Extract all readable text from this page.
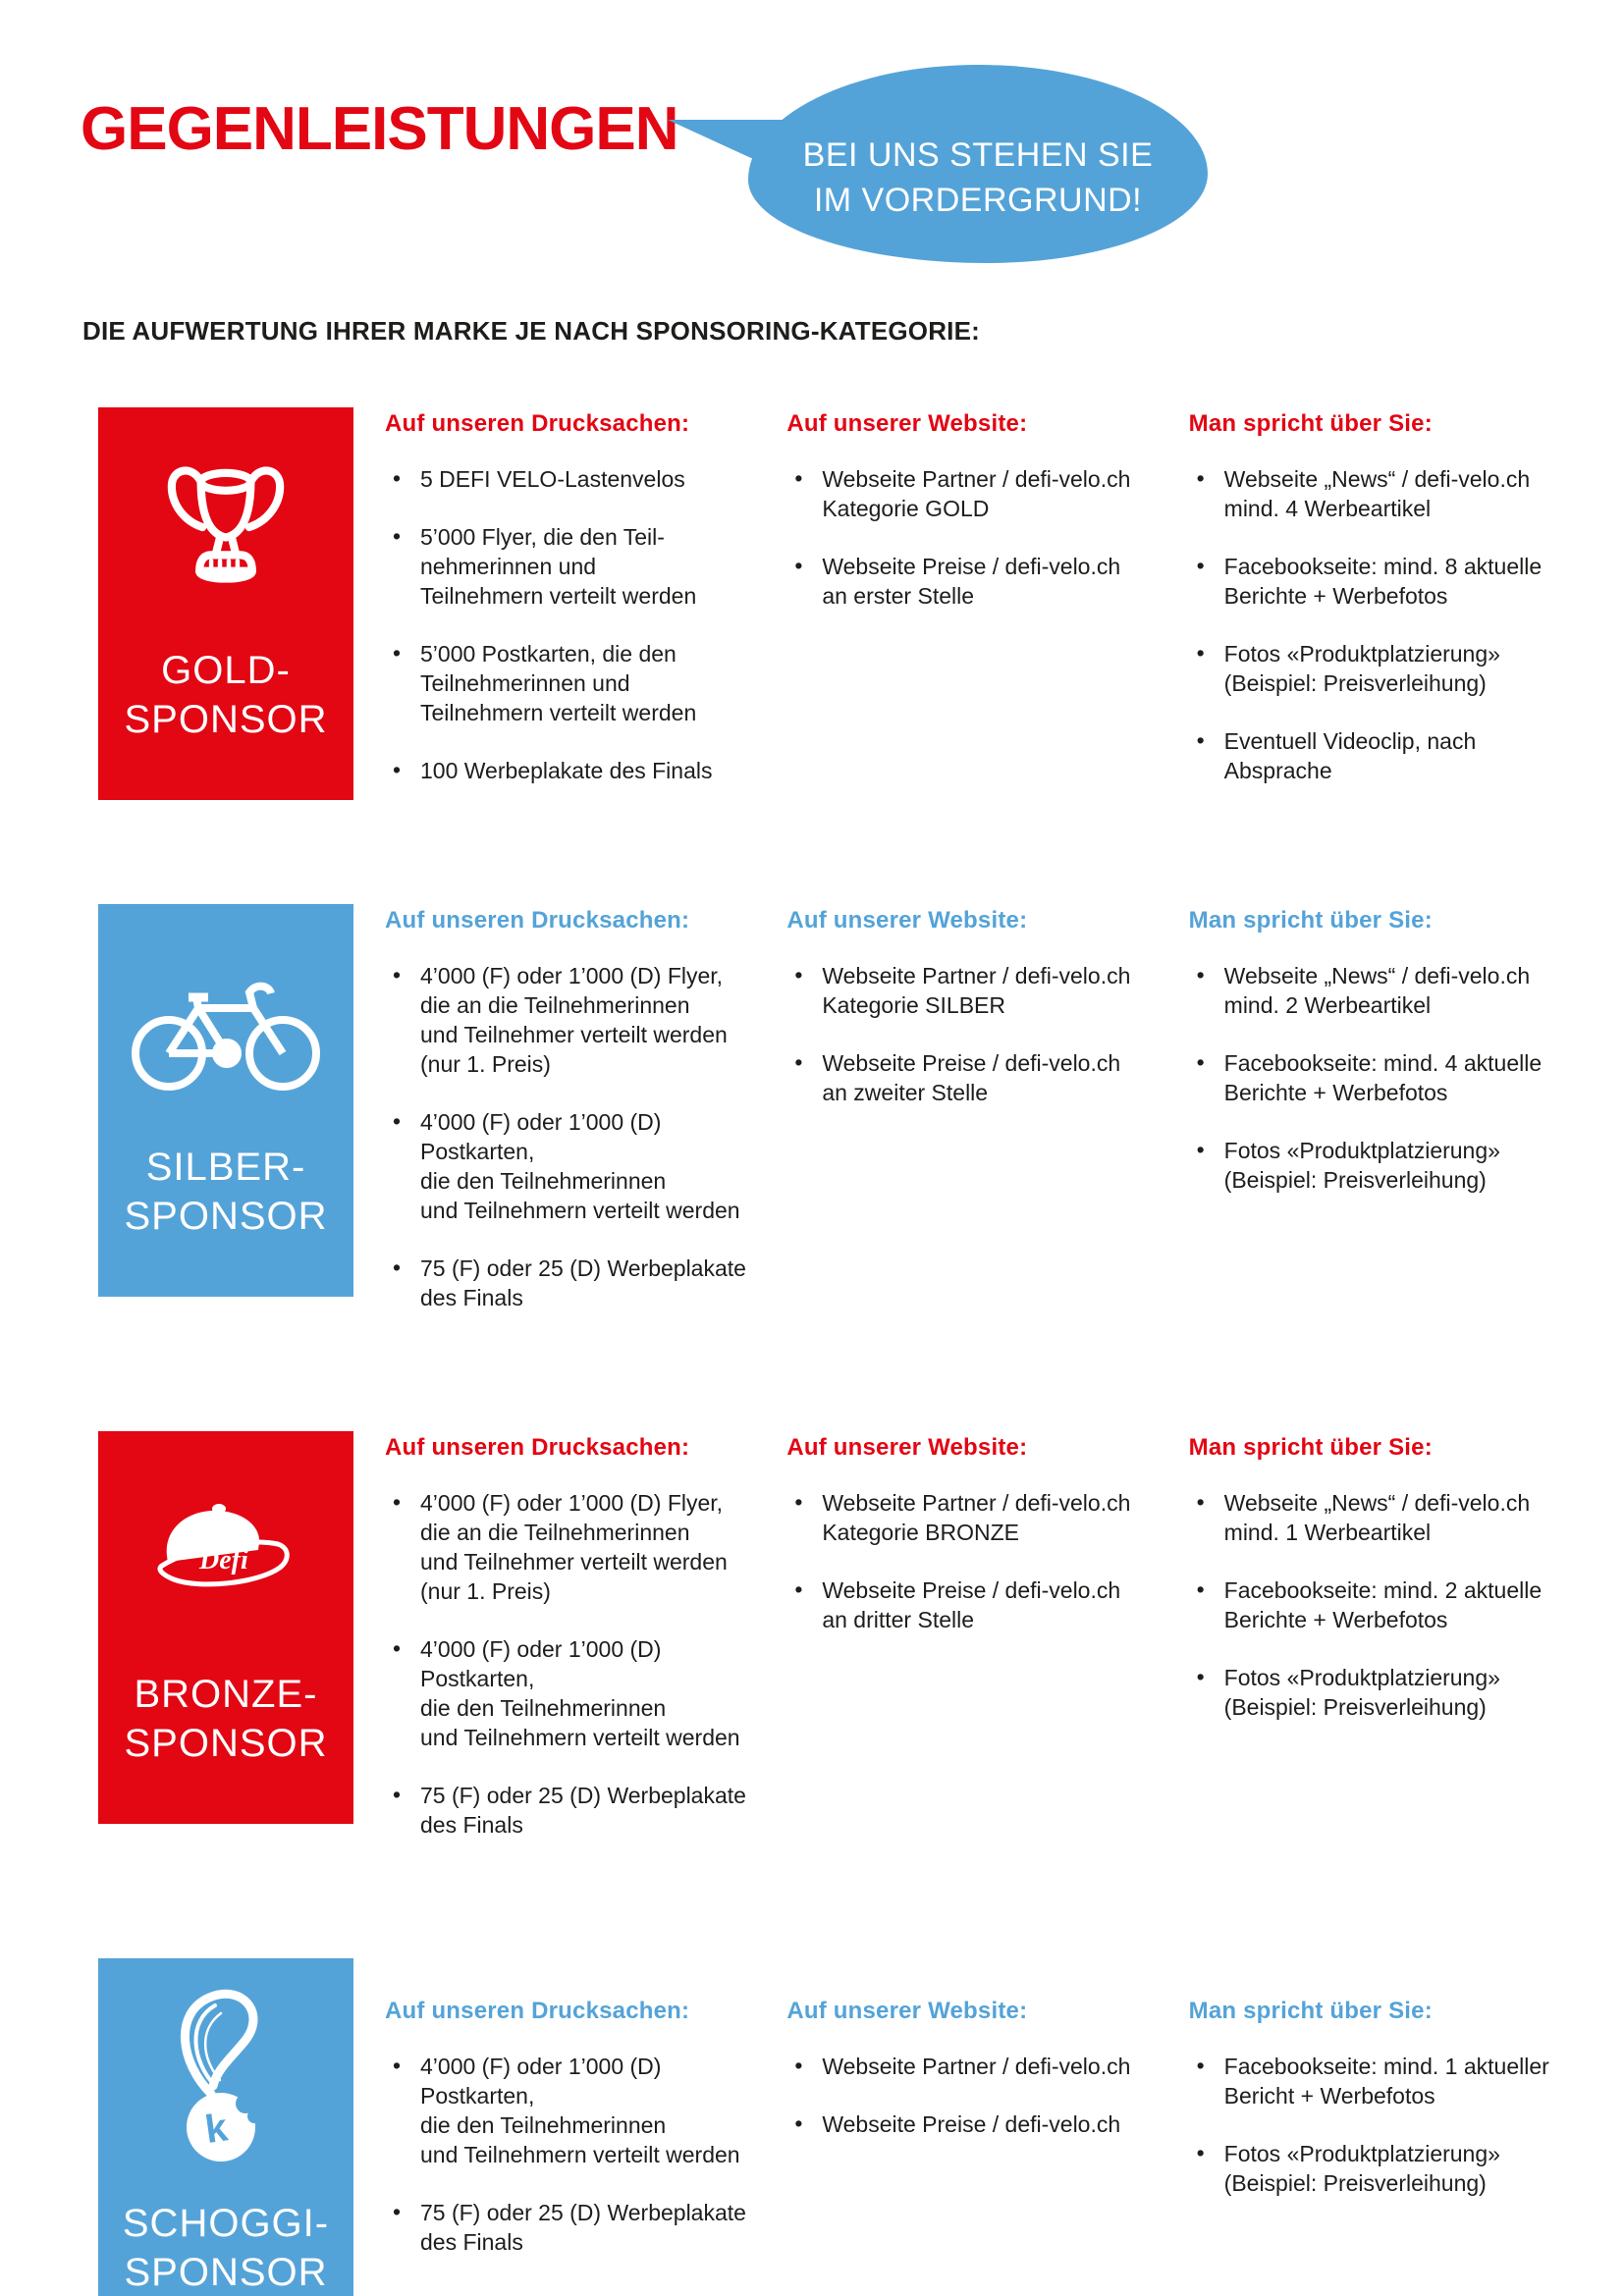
GEGENLEISTUNGEN	BEI UNS STEHEN SIE
IM VORDERGRUND!
DIE AUFWERTUNG IHRER MARKE JE NACH SPONSORING-KATEGORIE:
GOLD-
SPONSOR
Auf unseren Drucksachen:
• 5 DEFI VELO-Lastenvelos
• 5’000 Flyer, die den Teil-
nehmerinnen und
Teilnehmern verteilt werden
• 5’000 Postkarten, die den
Teilnehmerinnen und
Teilnehmern verteilt werden
• 100 Werbeplakate des Finals
Auf unserer Website:
• Webseite Partner / defi-velo.ch
Kategorie GOLD
• Webseite Preise / defi-velo.ch
an erster Stelle
Man spricht über Sie:
• Webseite „News“ / defi-velo.ch
mind. 4 Werbeartikel
• Facebookseite: mind. 8 aktuelle
Berichte + Werbefotos
• Fotos «Produktplatzierung»
(Beispiel: Preisverleihung)
• Eventuell Videoclip, nach
Absprache
SILBER-
SPONSOR
Auf unseren Drucksachen:
• 4’000 (F) oder 1’000 (D) Flyer,
die an die Teilnehmerinnen
und Teilnehmer verteilt werden
(nur 1. Preis)
• 4’000 (F) oder 1’000 (D) Postkarten,
die den Teilnehmerinnen
und Teilnehmern verteilt werden
• 75 (F) oder 25 (D) Werbeplakate
des Finals
Auf unserer Website:
• Webseite Partner / defi-velo.ch
Kategorie SILBER
• Webseite Preise / defi-velo.ch
an zweiter Stelle
Man spricht über Sie:
• Webseite „News“ / defi-velo.ch
mind. 2 Werbeartikel
• Facebookseite: mind. 4 aktuelle
Berichte + Werbefotos
• Fotos «Produktplatzierung»
(Beispiel: Preisverleihung)
Défi
BRONZE-
SPONSOR
Auf unseren Drucksachen:
• 4’000 (F) oder 1’000 (D) Flyer,
die an die Teilnehmerinnen
und Teilnehmer verteilt werden
(nur 1. Preis)
• 4’000 (F) oder 1’000 (D) Postkarten,
die den Teilnehmerinnen
und Teilnehmern verteilt werden
• 75 (F) oder 25 (D) Werbeplakate
des Finals
Auf unserer Website:
• Webseite Partner / defi-velo.ch
Kategorie BRONZE
• Webseite Preise / defi-velo.ch
an dritter Stelle
Man spricht über Sie:
• Webseite „News“ / defi-velo.ch
mind. 1 Werbeartikel
• Facebookseite: mind. 2 aktuelle
Berichte + Werbefotos
• Fotos «Produktplatzierung»
(Beispiel: Preisverleihung)
k
SCHOGGI-
SPONSOR
Auf unseren Drucksachen:
• 4’000 (F) oder 1’000 (D) Postkarten,
die den Teilnehmerinnen
und Teilnehmern verteilt werden
• 75 (F) oder 25 (D) Werbeplakate
des Finals
Auf unserer Website:
• Webseite Partner / defi-velo.ch
• Webseite Preise / defi-velo.ch
Man spricht über Sie:
• Facebookseite: mind. 1 aktueller
Bericht + Werbefotos
• Fotos «Produktplatzierung»
(Beispiel: Preisverleihung)
